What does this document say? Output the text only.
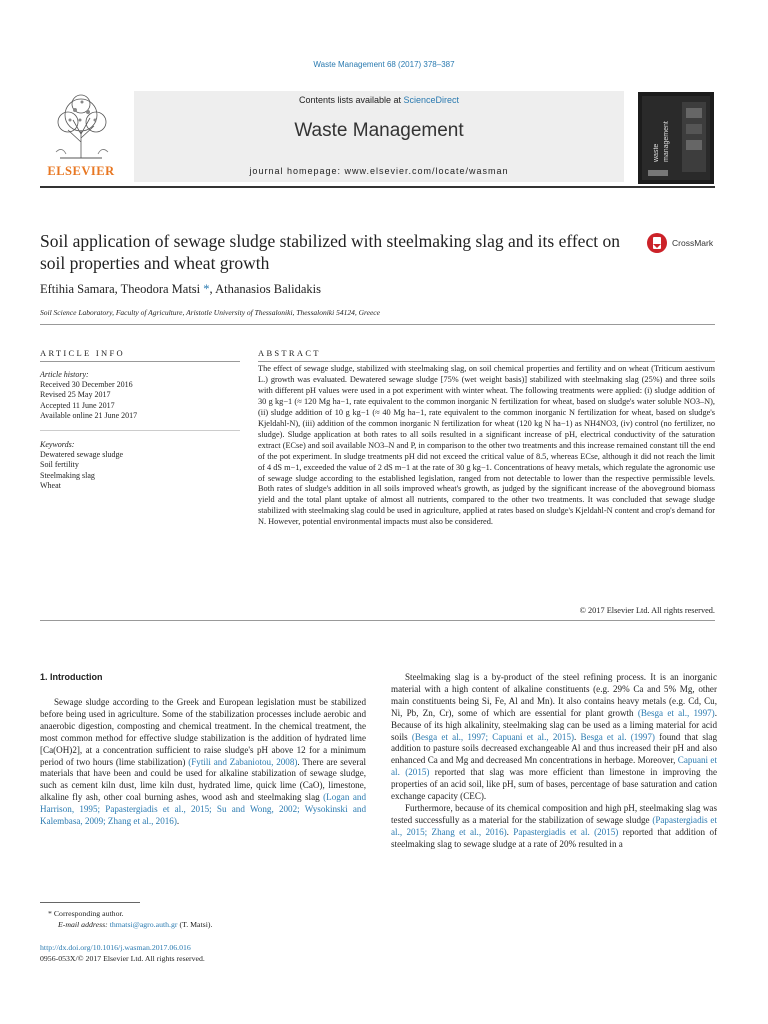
Waste Management 68 (2017) 378–387
ELSEVIER
Contents lists available at ScienceDirect
Waste Management
journal homepage: www.elsevier.com/locate/wasman
waste management
Soil application of sewage sludge stabilized with steelmaking slag and its effect on soil properties and wheat growth
CrossMark
Eftihia Samara, Theodora Matsi *, Athanasios Balidakis
Soil Science Laboratory, Faculty of Agriculture, Aristotle University of Thessaloniki, Thessaloniki 54124, Greece
ARTICLE INFO	ABSTRACT
Article history:
Received 30 December 2016
Revised 25 May 2017
Accepted 11 June 2017
Available online 21 June 2017
Keywords:
Dewatered sewage sludge
Soil fertility
Steelmaking slag
Wheat
The effect of sewage sludge, stabilized with steelmaking slag, on soil chemical properties and fertility and on wheat (Triticum aestivum L.) growth was evaluated. Dewatered sewage sludge [75% (wet weight basis)] stabilized with steelmaking slag (25%) and three soils with different pH values were used in a pot experiment with winter wheat. The following treatments were applied: (i) sludge addition of 30 g kg−1 (≈ 120 Mg ha−1, rate equivalent to the common inorganic N fertilization for wheat, based on sludge's water soluble NO3–N), (ii) sludge addition of 10 g kg−1 (≈ 40 Mg ha−1, rate equivalent to the common inorganic N fertilization for wheat, based on sludge's Kjeldahl-N), (iii) addition of the common inorganic N fertilization for wheat (120 kg N ha−1) as NH4NO3, (iv) control (no fertilizer, no sludge). Sludge application at both rates to all soils resulted in a significant increase of pH, electrical conductivity of the saturation extract (ECse) and soil available NO3–N and P, in comparison to the other two treatments and this increase remained constant till the end of the pot experiment. In sludge treatments pH did not exceed the critical value of 8.5, whereas ECse, although it did not reach the limit of 4 dS m−1, exceeded the value of 2 dS m−1 at the rate of 30 g kg−1. Concentrations of heavy metals, which regulate the agronomic use of sewage sludge according to the established legislation, ranged from not detectable to lower than the respective permissible levels. Both rates of sludge's addition in all soils improved wheat's growth, as judged by the significant increase of the aboveground biomass yield and the total plant uptake of almost all nutrients, compared to the other two treatments. It was concluded that sewage sludge stabilized with steelmaking slag could be used in agriculture, applied at rates based on sludge's Kjeldahl-N content and crop's demand for N. However, potential environmental impacts must also be considered.
© 2017 Elsevier Ltd. All rights reserved.
1. Introduction

Sewage sludge according to the Greek and European legislation must be stabilized before being used in agriculture. Some of the stabilization processes include aerobic and anaerobic digestion, composting and chemical treatment. In the chemical treatment, the most common method for effective sludge stabilization is the addition of hydrated lime [Ca(OH)2], at a concentration sufficient to raise sludge's pH above 12 for a minimum period of two hours (lime stabilization) (Fytili and Zabaniotou, 2008). There are several materials that have been and could be used for alkaline stabilization of sewage sludge, such as cement kiln dust, lime kiln dust, hydrated lime, quick lime (CaO), limestone, alkaline fly ash, other coal burning ashes, wood ash and steelmaking slag (Logan and Harrison, 1995; Papastergiadis et al., 2015; Su and Wong, 2002; Wysokinski and Kalembasa, 2009; Zhang et al., 2016).

Steelmaking slag is a by-product of the steel refining process. It is an inorganic material with a high content of alkaline constituents (e.g. 29% Ca and 5% Mg, other main constituents being Si, Fe, Al and Mn). It also contains heavy metals (e.g. Cd, Cu, Ni, Pb, Zn, Cr), some of which are essential for plant growth (Besga et al., 1997). Because of its high alkalinity, steelmaking slag can be used as a liming material for acid soils (Besga et al., 1997; Capuani et al., 2015). Besga et al. (1997) found that slag addition to pasture soils decreased exchangeable Al and thus increased their pH and also enhanced Ca and Mg and decreased Mn concentrations in herbage. Moreover, Capuani et al. (2015) reported that slag was more efficient than limestone in improving the properties of an acid soil, like pH, sum of bases, percentage of base saturation and cation exchange capacity (CEC).

Furthermore, because of its chemical composition and high pH, steelmaking slag was tested successfully as a material for the stabilization of sewage sludge (Papastergiadis et al., 2015; Zhang et al., 2016). Papastergiadis et al. (2015) reported that addition of steelmaking slag to sewage sludge at a rate of 20% resulted in a

* Corresponding author.
E-mail address: thmatsi@agro.auth.gr (T. Matsi).
http://dx.doi.org/10.1016/j.wasman.2017.06.016
0956-053X/© 2017 Elsevier Ltd. All rights reserved.
